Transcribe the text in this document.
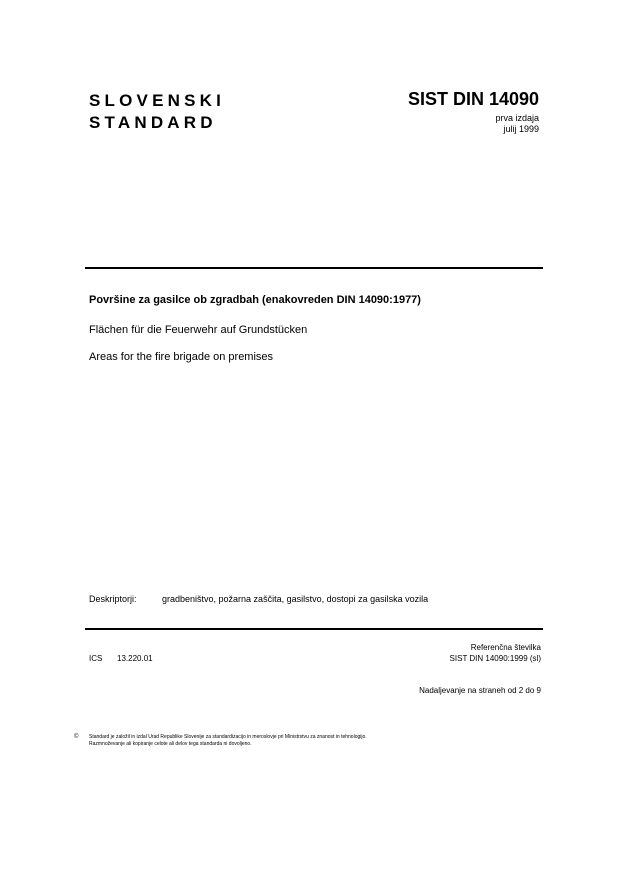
SLOVENSKI
STANDARD
SIST DIN 14090
prva izdaja
julij 1999
Površine za gasilce ob zgradbah (enakovreden DIN 14090:1977)
Flächen für die Feuerwehr auf Grundstücken
Areas for the fire brigade on premises
Deskriptorji:	gradbeništvo, požarna zaščita, gasilstvo, dostopi za gasilska vozila
ICS 13.220.01
Referenčna številka
SIST DIN 14090:1999 (sl)
Nadaljevanje na straneh od 2 do 9
© Standard je založil in izdal Urad Republike Slovenije za standardizacijo in meroslovje pri Ministrstvu za znanost in tehnologijo.
Razmnoževanje ali kopiranje celote ali delov tega standarda ni dovoljeno.
